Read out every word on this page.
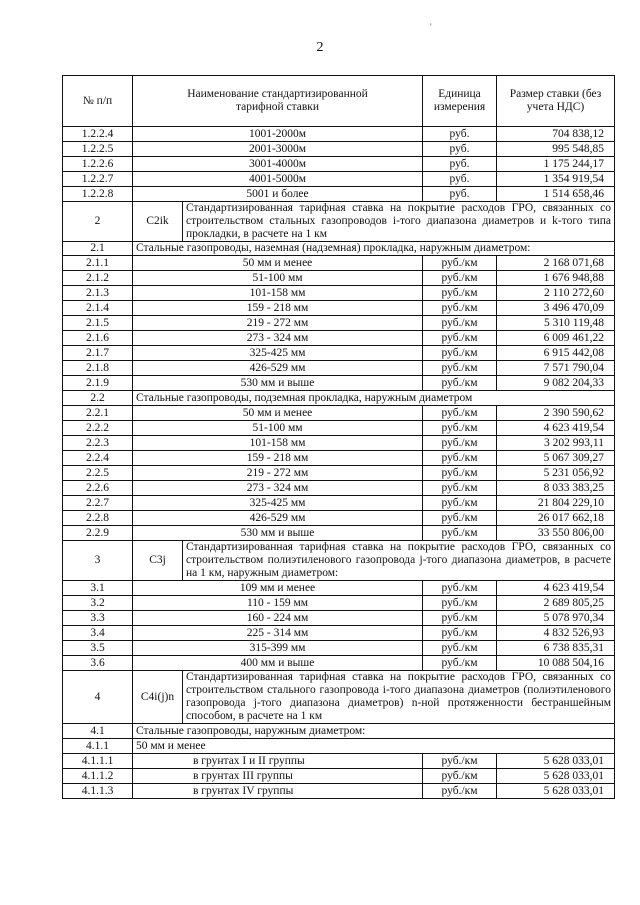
2
'
№ п/п	Наименование стандартизированной тарифной ставки		Единица измерения	Размер ставки (без учета НДС)
1.2.2.4	1001-2000м		руб.	704 838,12
1.2.2.5	2001-3000м		руб.	995 548,85
1.2.2.6	3001-4000м		руб.	1 175 244,17
1.2.2.7	4001-5000м		руб.	1 354 919,54
1.2.2.8	5001 и более		руб.	1 514 658,46
2	C2ik	Стандартизированная тарифная ставка на покрытие расходов ГРО, связанных со строительством стальных газопроводов i-того диапазона диаметров и k-того типа прокладки, в расчете на 1 км		
2.1	Стальные газопроводы, наземная (надземная) прокладка, наружным диаметром:			
2.1.1	50 мм и менее		руб./км	2 168 071,68
2.1.2	51-100 мм		руб./км	1 676 948,88
2.1.3	101-158 мм		руб./км	2 110 272,60
2.1.4	159 - 218 мм		руб./км	3 496 470,09
2.1.5	219 - 272 мм		руб./км	5 310 119,48
2.1.6	273 - 324 мм		руб./км	6 009 461,22
2.1.7	325-425 мм		руб./км	6 915 442,08
2.1.8	426-529 мм		руб./км	7 571 790,04
2.1.9	530 мм и выше		руб./км	9 082 204,33
2.2	Стальные газопроводы, подземная прокладка, наружным диаметром			
2.2.1	50 мм и менее		руб./км	2 390 590,62
2.2.2	51-100 мм		руб./км	4 623 419,54
2.2.3	101-158 мм		руб./км	3 202 993,11
2.2.4	159 - 218 мм		руб./км	5 067 309,27
2.2.5	219 - 272 мм		руб./км	5 231 056,92
2.2.6	273 - 324 мм		руб./км	8 033 383,25
2.2.7	325-425 мм		руб./км	21 804 229,10
2.2.8	426-529 мм		руб./км	26 017 662,18
2.2.9	530 мм и выше		руб./км	33 550 806,00
3	C3j	Стандартизированная тарифная ставка на покрытие расходов ГРО, связанных со строительством полиэтиленового газопровода j-того диапазона диаметров, в расчете на 1 км, наружным диаметром:		
3.1	109 мм и менее		руб./км	4 623 419,54
3.2	110 - 159 мм		руб./км	2 689 805,25
3.3	160 - 224 мм		руб./км	5 078 970,34
3.4	225 - 314 мм		руб./км	4 832 526,93
3.5	315-399 мм		руб./км	6 738 835,31
3.6	400 мм и выше		руб./км	10 088 504,16
4	C4i(j)n	Стандартизированная тарифная ставка на покрытие расходов ГРО, связанных со строительством стального газопровода i-того диапазона диаметров (полиэтиленового газопровода j-того диапазона диаметров) n-ной протяженности бестраншейным способом, в расчете на 1 км		
4.1	Стальные газопроводы, наружным диаметром:			
4.1.1	50 мм и менее			
4.1.1.1	в грунтах I и II группы		руб./км	5 628 033,01
4.1.1.2	в грунтах III группы		руб./км	5 628 033,01
4.1.1.3	в грунтах IV группы		руб./км	5 628 033,01
